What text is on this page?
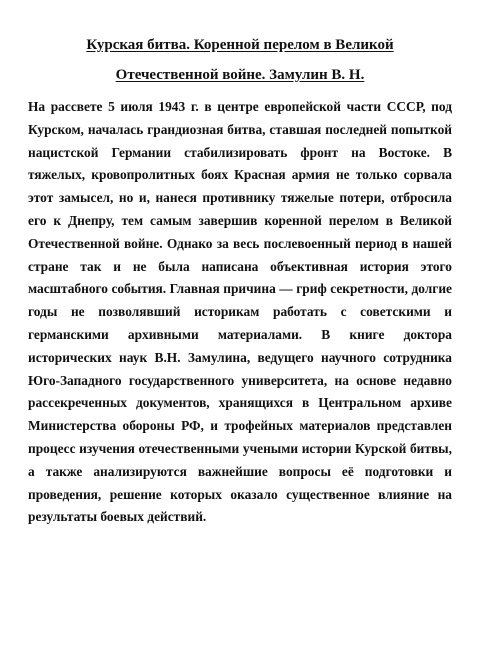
Курская битва. Коренной перелом в Великой
Отечественной войне. Замулин В. Н.

На рассвете 5 июля 1943 г. в центре европейской части СССР, под Курском, началась грандиозная битва, ставшая последней попыткой нацистской Германии стабилизировать фронт на Востоке. В тяжелых, кровопролитных боях Красная армия не только сорвала этот замысел, но и, нанеся противнику тяжелые потери, отбросила его к Днепру, тем самым завершив коренной перелом в Великой Отечественной войне. Однако за весь послевоенный период в нашей стране так и не была написана объективная история этого масштабного события. Главная причина — гриф секретности, долгие годы не позволявший историкам работать с советскими и германскими архивными материалами. В книге доктора исторических наук В.Н. Замулина, ведущего научного сотрудника Юго-Западного государственного университета, на основе недавно рассекреченных документов, хранящихся в Центральном архиве Министерства обороны РФ, и трофейных материалов представлен процесс изучения отечественными учеными истории Курской битвы, а также анализируются важнейшие вопросы её подготовки и проведения, решение которых оказало существенное влияние на результаты боевых действий.
